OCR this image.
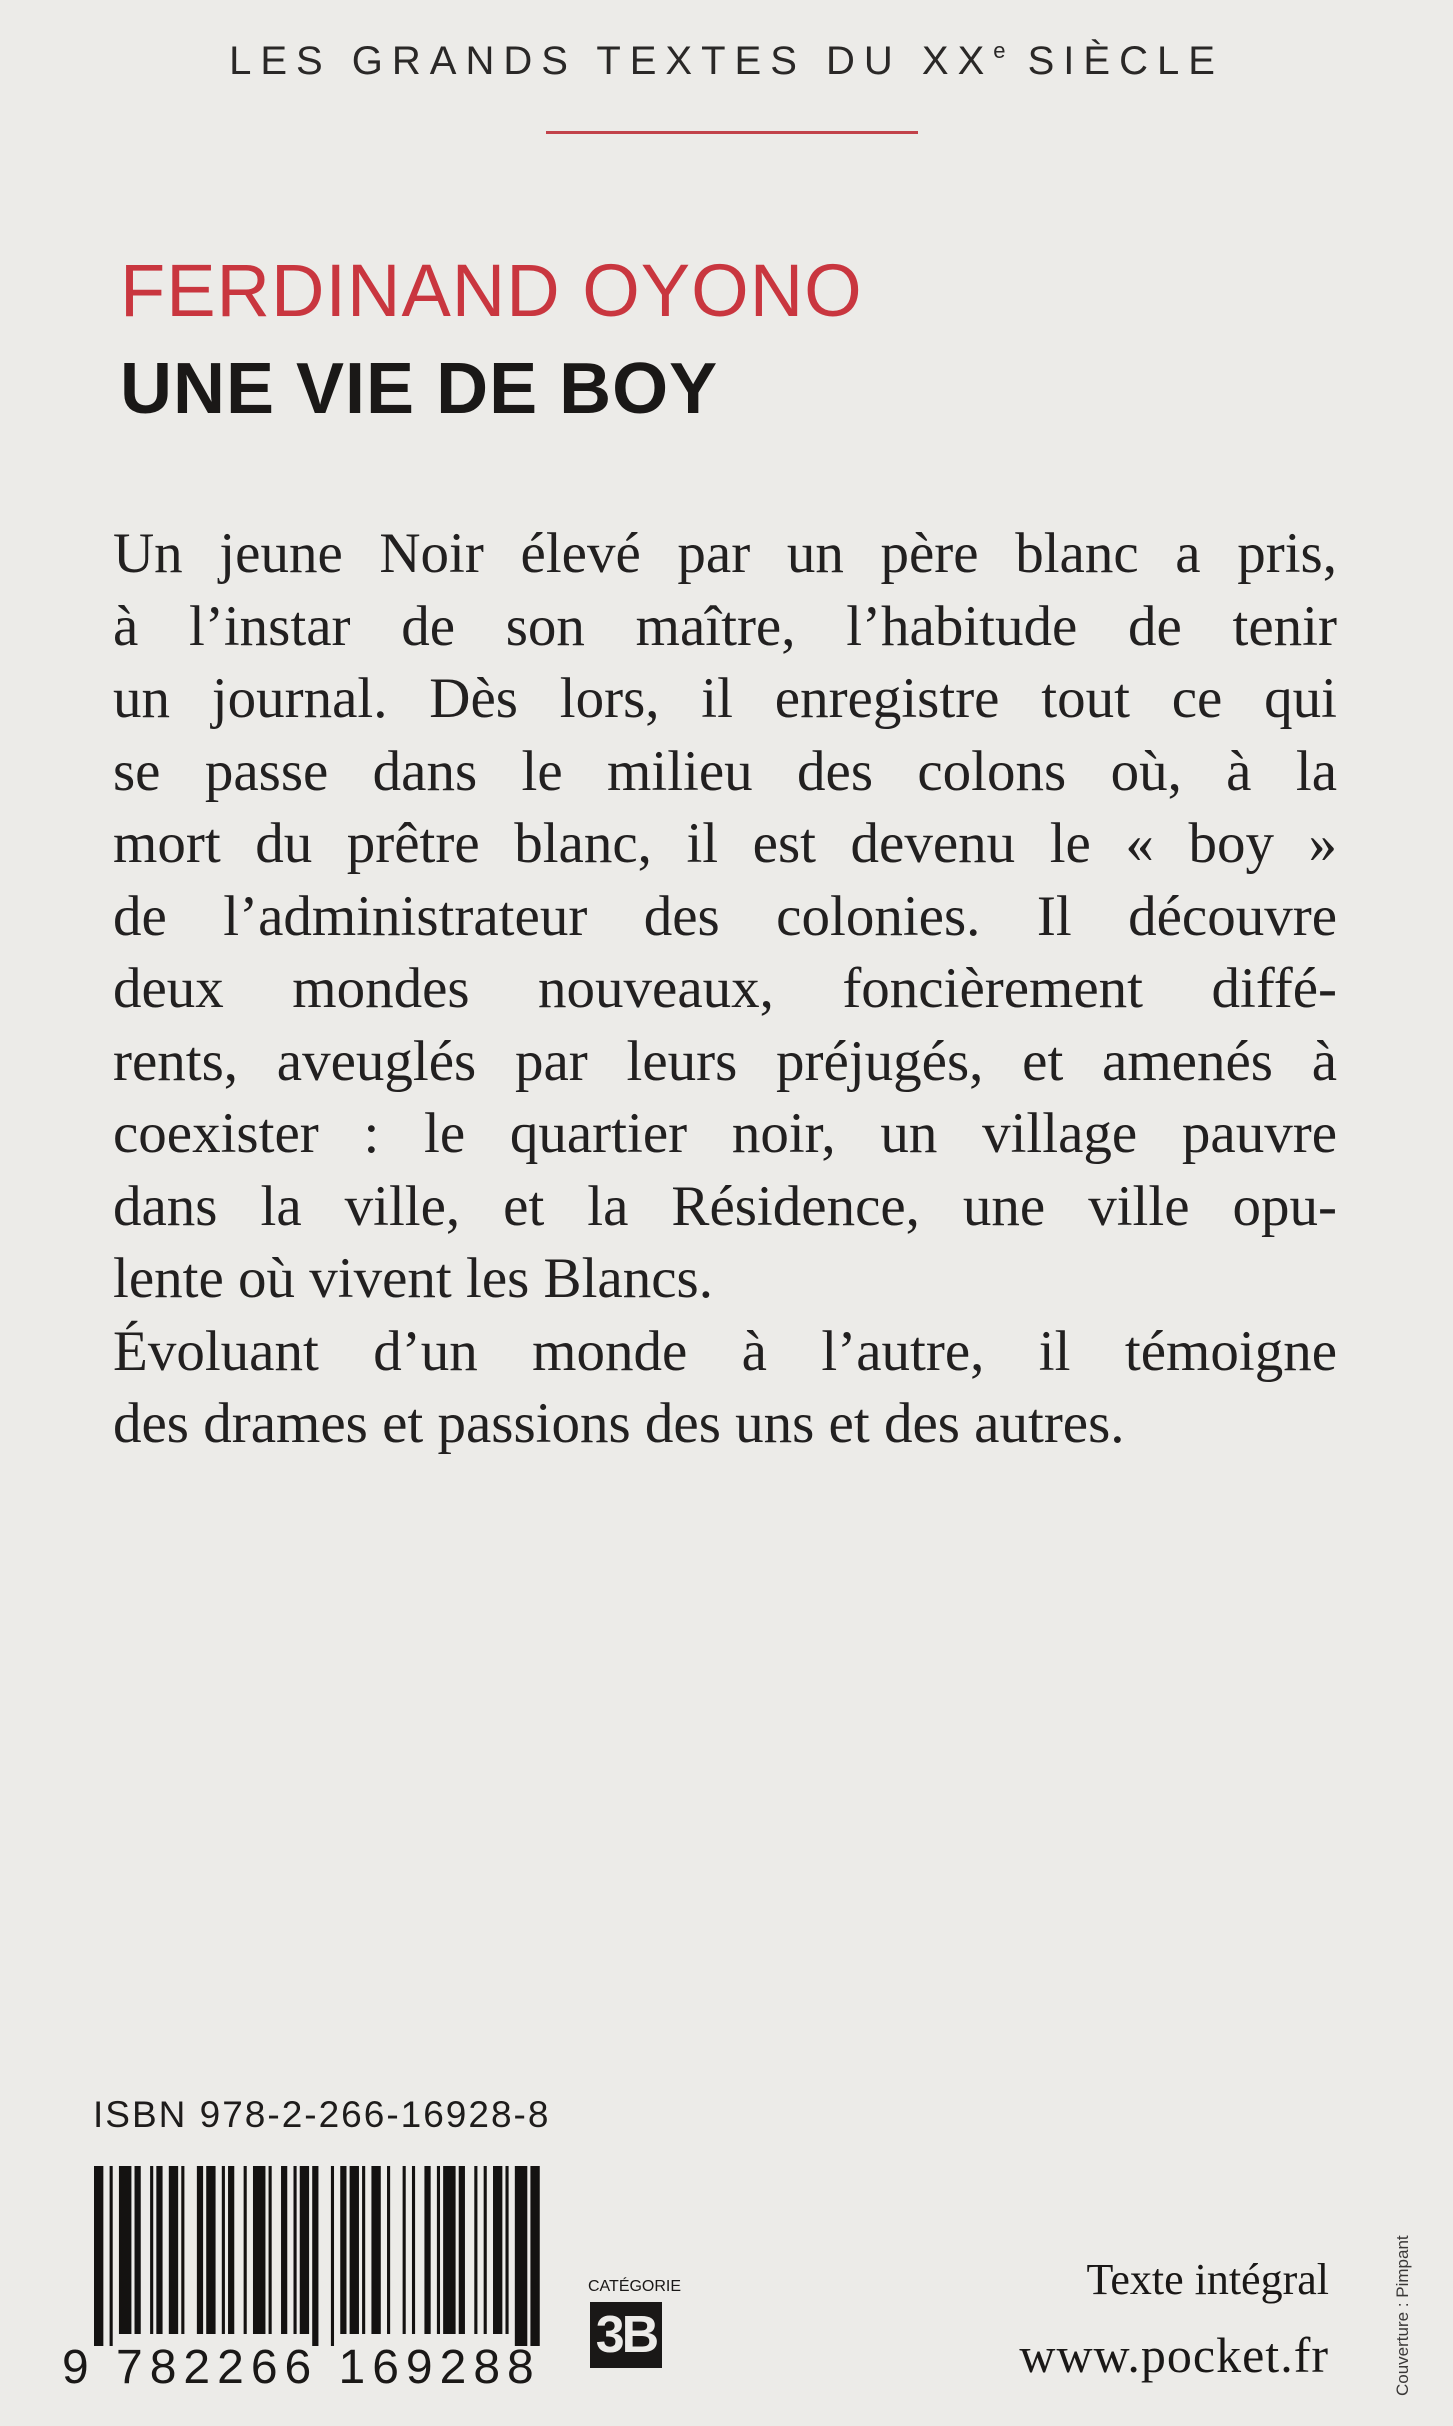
LES GRANDS TEXTES DU XXe SIÈCLE
FERDINAND OYONO
UNE VIE DE BOY
Un jeune Noir élevé par un père blanc a pris,
à l’instar de son maître, l’habitude de tenir
un journal. Dès lors, il enregistre tout ce qui
se passe dans le milieu des colons où, à la
mort du prêtre blanc, il est devenu le « boy »
de l’administrateur des colonies. Il découvre
deux mondes nouveaux, foncièrement diffé-
rents, aveuglés par leurs préjugés, et amenés à
coexister : le quartier noir, un village pauvre
dans la ville, et la Résidence, une ville opu-
lente où vivent les Blancs.
Évoluant d’un monde à l’autre, il témoigne
des drames et passions des uns et des autres.
ISBN 978-2-266-16928-8
9 782266 169288
CATÉGORIE
3B
Texte intégral
www.pocket.fr	Couverture : Pimpant
